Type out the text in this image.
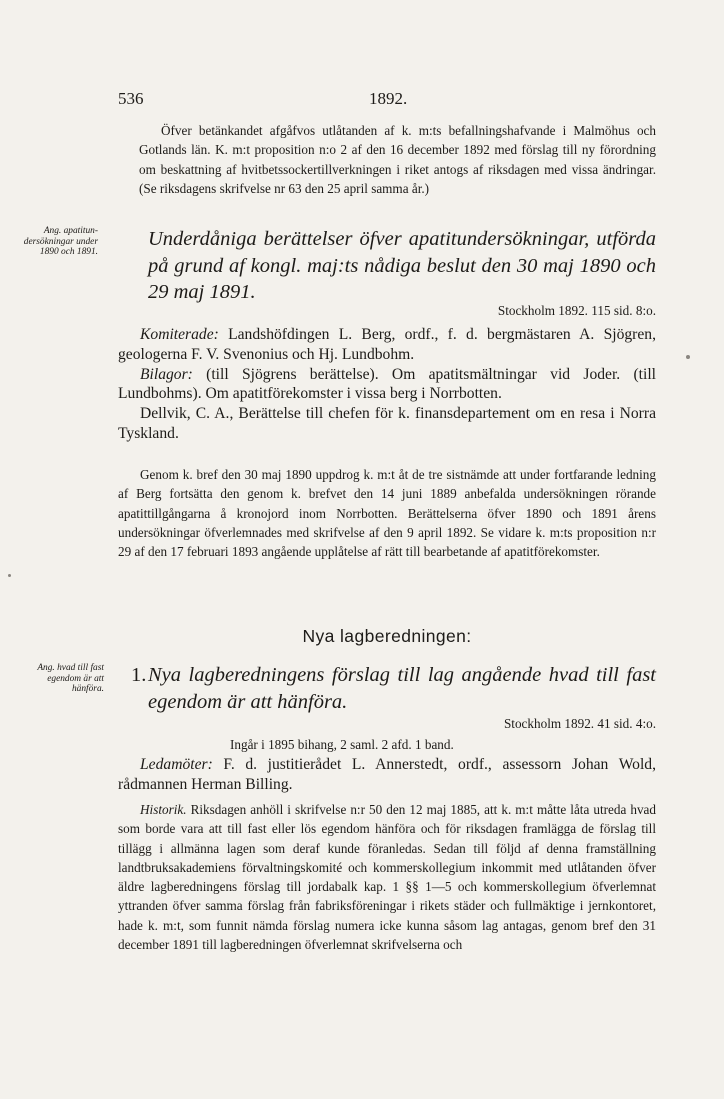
536	1892.

Öfver betänkandet afgåfvos utlåtanden af k. m:ts befallningshafvande i Malmöhus och Gotlands län. K. m:t proposition n:o 2 af den 16 december 1892 med förslag till ny förordning om beskattning af hvitbetssockertillverkningen i riket antogs af riksdagen med vissa ändringar. (Se riksdagens skrifvelse nr 63 den 25 april samma år.)

Ang. apatitun-dersökningar under 1890 och 1891.
Underdåniga berättelser öfver apatitundersökningar, utförda på grund af kongl. maj:ts nådiga beslut den 30 maj 1890 och 29 maj 1891.
Stockholm 1892. 115 sid. 8:o.

Komiterade: Landshöfdingen L. Berg, ordf., f. d. bergmästaren A. Sjögren, geologerna F. V. Svenonius och Hj. Lundbohm.

Bilagor: (till Sjögrens berättelse). Om apatitsmältningar vid Joder. (till Lundbohms). Om apatitförekomster i vissa berg i Norrbotten.

Dellvik, C. A., Berättelse till chefen för k. finansdepartement om en resa i Norra Tyskland.

Genom k. bref den 30 maj 1890 uppdrog k. m:t åt de tre sistnämde att under fortfarande ledning af Berg fortsätta den genom k. brefvet den 14 juni 1889 anbefalda undersökningen rörande apatittillgångarna å kronojord inom Norrbotten. Berättelserna öfver 1890 och 1891 årens undersökningar öfverlemnades med skrifvelse af den 9 april 1892. Se vidare k. m:ts proposition n:r 29 af den 17 februari 1893 angående upplåtelse af rätt till bearbetande af apatitförekomster.

Nya lagberedningen:
Ang. hvad till fast egendom är att hänföra.
1. Nya lagberedningens förslag till lag angående hvad till fast egendom är att hänföra.
Stockholm 1892. 41 sid. 4:o.
Ingår i 1895 bihang, 2 saml. 2 afd. 1 band.

Ledamöter: F. d. justitierådet L. Annerstedt, ordf., assessorn Johan Wold, rådmannen Herman Billing.

Historik. Riksdagen anhöll i skrifvelse n:r 50 den 12 maj 1885, att k. m:t måtte låta utreda hvad som borde vara att till fast eller lös egendom hänföra och för riksdagen framlägga de förslag till tillägg i allmänna lagen som deraf kunde föranledas. Sedan till följd af denna framställning landtbruksakademiens förvaltningskomité och kommerskollegium inkommit med utlåtanden öfver äldre lagberedningens förslag till jordabalk kap. 1 §§ 1—5 och kommerskollegium öfverlemnat yttranden öfver samma förslag från fabriksföreningar i rikets städer och fullmäktige i jernkontoret, hade k. m:t, som funnit nämda förslag numera icke kunna såsom lag antagas, genom bref den 31 december 1891 till lagberedningen öfverlemnat skrifvelserna och
